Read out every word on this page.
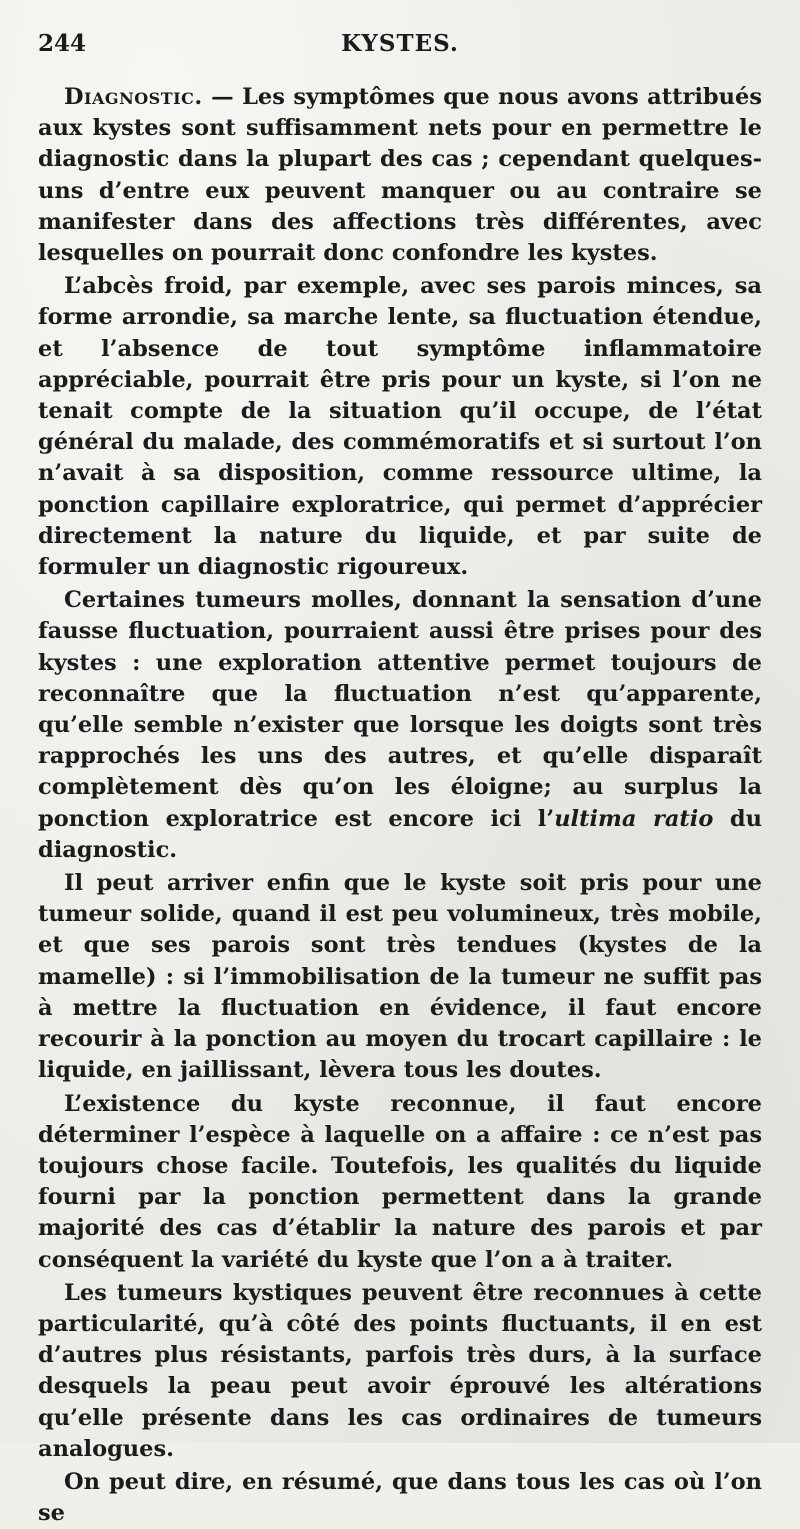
244	KYSTES.

Diagnostic. — Les symptômes que nous avons attribués aux kystes sont suffisamment nets pour en permettre le diagnostic dans la plupart des cas ; cependant quelques-uns d’entre eux peuvent manquer ou au contraire se manifester dans des affections très différentes, avec lesquelles on pourrait donc confondre les kystes.

L’abcès froid, par exemple, avec ses parois minces, sa forme arrondie, sa marche lente, sa fluctuation étendue, et l’absence de tout symptôme inflammatoire appréciable, pourrait être pris pour un kyste, si l’on ne tenait compte de la situation qu’il occupe, de l’état général du malade, des commémoratifs et si surtout l’on n’avait à sa disposition, comme ressource ultime, la ponction capillaire exploratrice, qui permet d’apprécier directement la nature du liquide, et par suite de formuler un diagnostic rigoureux.

Certaines tumeurs molles, donnant la sensation d’une fausse fluctuation, pourraient aussi être prises pour des kystes : une exploration attentive permet toujours de reconnaître que la fluctuation n’est qu’apparente, qu’elle semble n’exister que lorsque les doigts sont très rapprochés les uns des autres, et qu’elle disparaît complètement dès qu’on les éloigne; au surplus la ponction exploratrice est encore ici l’ultima ratio du diagnostic.

Il peut arriver enfin que le kyste soit pris pour une tumeur solide, quand il est peu volumineux, très mobile, et que ses parois sont très tendues (kystes de la mamelle) : si l’immobilisation de la tumeur ne suffit pas à mettre la fluctuation en évidence, il faut encore recourir à la ponction au moyen du trocart capillaire : le liquide, en jaillissant, lèvera tous les doutes.

L’existence du kyste reconnue, il faut encore déterminer l’espèce à laquelle on a affaire : ce n’est pas toujours chose facile. Toutefois, les qualités du liquide fourni par la ponction permettent dans la grande majorité des cas d’établir la nature des parois et par conséquent la variété du kyste que l’on a à traiter.

Les tumeurs kystiques peuvent être reconnues à cette particularité, qu’à côté des points fluctuants, il en est d’autres plus résistants, parfois très durs, à la surface desquels la peau peut avoir éprouvé les altérations qu’elle présente dans les cas ordinaires de tumeurs analogues.

On peut dire, en résumé, que dans tous les cas où l’on se
